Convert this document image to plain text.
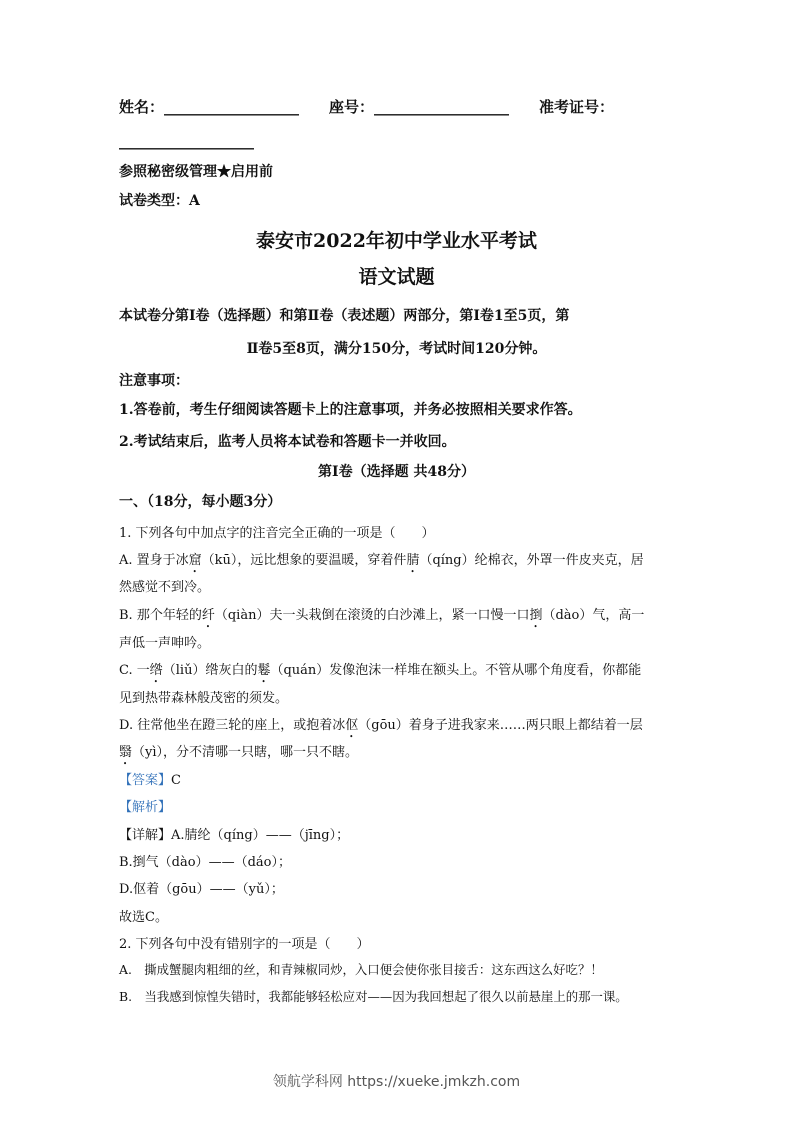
姓名：__________________ 座号：__________________ 准考证号：
__________________
参照秘密级管理★启用前
试卷类型：A
泰安市2022年初中学业水平考试
语文试题
本试卷分第Ⅰ卷（选择题）和第Ⅱ卷（表述题）两部分，第Ⅰ卷1至5页，第
Ⅱ卷5至8页，满分150分，考试时间120分钟。
注意事项：
1.答卷前，考生仔细阅读答题卡上的注意事项，并务必按照相关要求作答。
2.考试结束后，监考人员将本试卷和答题卡一并收回。
第Ⅰ卷（选择题 共48分）
一、（18分，每小题3分）
1. 下列各句中加点字的注音完全正确的一项是（　　）
A. 置身于冰窟（kū），远比想象的要温暖，穿着件腈（qíng）纶棉衣，外罩一件皮夹克，居
然感觉不到冷。
B. 那个年轻的纤（qiàn）夫一头栽倒在滚烫的白沙滩上，紧一口慢一口捯（dào）气，高一
声低一声呻吟。
C. 一绺（liǔ）绺灰白的鬈（quán）发像泡沫一样堆在额头上。不管从哪个角度看，你都能
见到热带森林般茂密的须发。
D. 往常他坐在蹬三轮的座上，或抱着冰伛（gōu）着身子进我家来……两只眼上都结着一层
翳（yì），分不清哪一只瞎，哪一只不瞎。
【答案】C
【解析】
【详解】A.腈纶（qíng）——（jīng）；
B.捯气（dào）——（dáo）；
D.伛着（gōu）——（yǔ）；
故选C。
2. 下列各句中没有错别字的一项是（　　）
A.　撕成蟹腿肉粗细的丝，和青辣椒同炒，入口便会使你张目接舌：这东西这么好吃？！
B.　当我感到惊惶失错时，我都能够轻松应对——因为我回想起了很久以前悬崖上的那一课。
领航学科网 https://xueke.jmkzh.com
